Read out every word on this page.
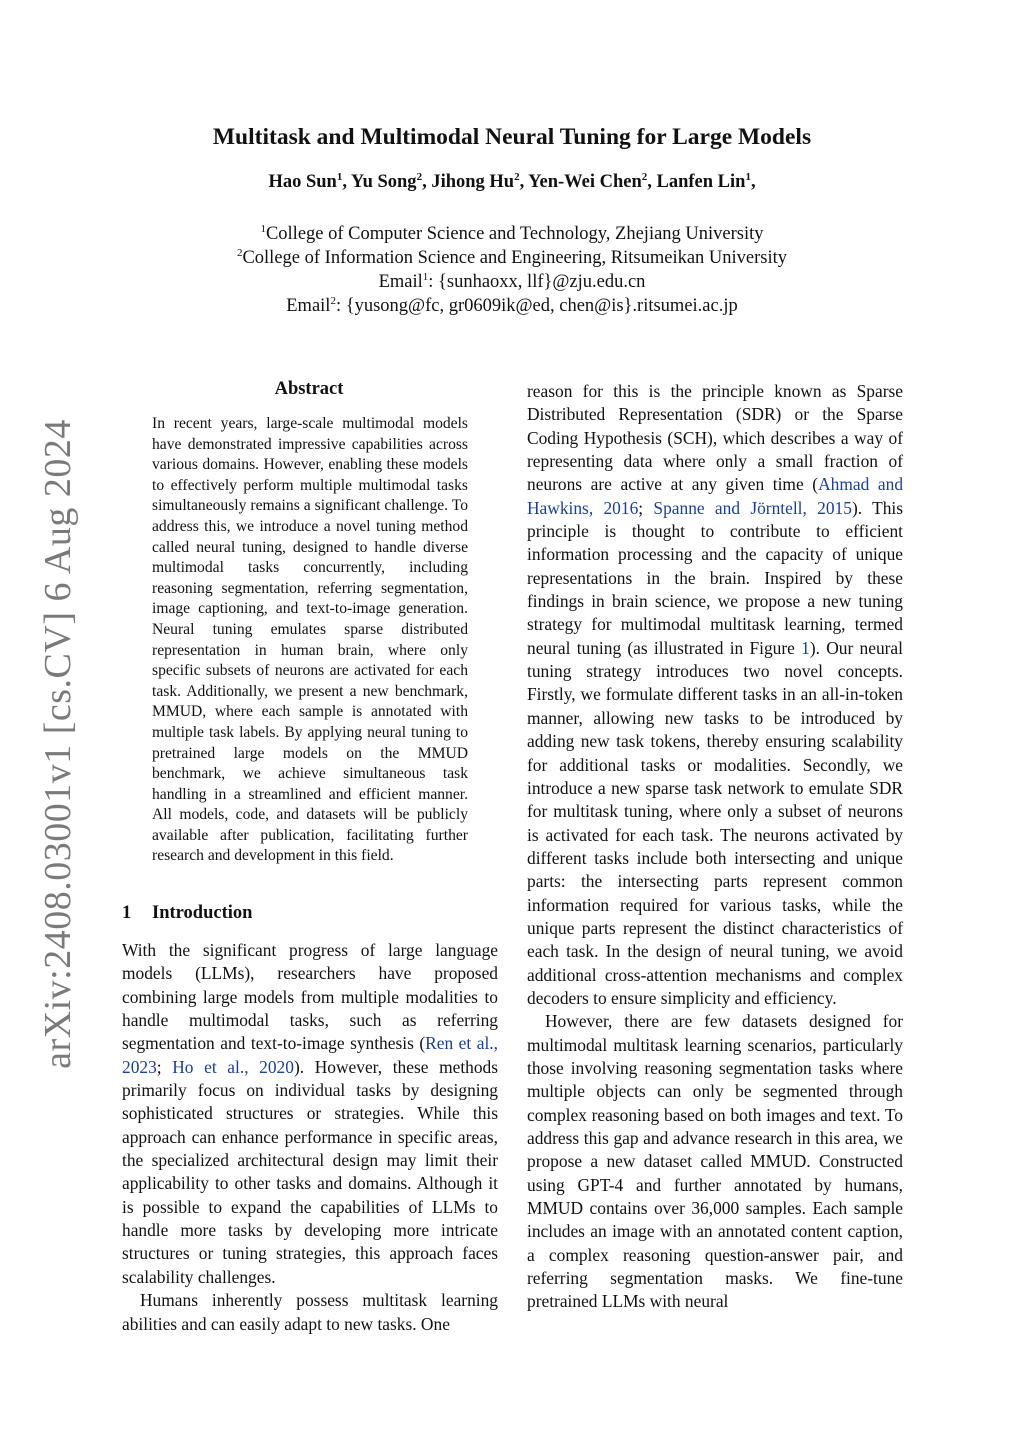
arXiv:2408.03001v1 [cs.CV] 6 Aug 2024
Multitask and Multimodal Neural Tuning for Large Models
Hao Sun$^1$, Yu Song$^2$, Jihong Hu$^2$, Yen-Wei Chen$^2$, Lanfen Lin$^1$,
$^1$College of Computer Science and Technology, Zhejiang University
$^2$College of Information Science and Engineering, Ritsumeikan University
Email$^1$: {sunhaoxx, llf}@zju.edu.cn
Email$^2$: {yusong@fc, gr0609ik@ed, chen@is}.ritsumei.ac.jp
Abstract
In recent years, large-scale multimodal models have demonstrated impressive capabilities across various domains. However, enabling these models to effectively perform multiple multimodal tasks simultaneously remains a significant challenge. To address this, we introduce a novel tuning method called neural tuning, designed to handle diverse multimodal tasks concurrently, including reasoning segmentation, referring segmentation, image captioning, and text-to-image generation. Neural tuning emulates sparse distributed representation in human brain, where only specific subsets of neurons are activated for each task. Additionally, we present a new benchmark, MMUD, where each sample is annotated with multiple task labels. By applying neural tuning to pretrained large models on the MMUD benchmark, we achieve simultaneous task handling in a streamlined and efficient manner. All models, code, and datasets will be publicly available after publication, facilitating further research and development in this field.
1 Introduction

With the significant progress of large language models (LLMs), researchers have proposed combining large models from multiple modalities to handle multimodal tasks, such as referring segmentation and text-to-image synthesis (Ren et al., 2023; Ho et al., 2020). However, these methods primarily focus on individual tasks by designing sophisticated structures or strategies. While this approach can enhance performance in specific areas, the specialized architectural design may limit their applicability to other tasks and domains. Although it is possible to expand the capabilities of LLMs to handle more tasks by developing more intricate structures or tuning strategies, this approach faces scalability challenges.

Humans inherently possess multitask learning abilities and can easily adapt to new tasks. One

reason for this is the principle known as Sparse Distributed Representation (SDR) or the Sparse Coding Hypothesis (SCH), which describes a way of representing data where only a small fraction of neurons are active at any given time (Ahmad and Hawkins, 2016; Spanne and Jörntell, 2015). This principle is thought to contribute to efficient information processing and the capacity of unique representations in the brain. Inspired by these findings in brain science, we propose a new tuning strategy for multimodal multitask learning, termed neural tuning (as illustrated in Figure 1). Our neural tuning strategy introduces two novel concepts. Firstly, we formulate different tasks in an all-in-token manner, allowing new tasks to be introduced by adding new task tokens, thereby ensuring scalability for additional tasks or modalities. Secondly, we introduce a new sparse task network to emulate SDR for multitask tuning, where only a subset of neurons is activated for each task. The neurons activated by different tasks include both intersecting and unique parts: the intersecting parts represent common information required for various tasks, while the unique parts represent the distinct characteristics of each task. In the design of neural tuning, we avoid additional cross-attention mechanisms and complex decoders to ensure simplicity and efficiency.

However, there are few datasets designed for multimodal multitask learning scenarios, particularly those involving reasoning segmentation tasks where multiple objects can only be segmented through complex reasoning based on both images and text. To address this gap and advance research in this area, we propose a new dataset called MMUD. Constructed using GPT-4 and further annotated by humans, MMUD contains over 36,000 samples. Each sample includes an image with an annotated content caption, a complex reasoning question-answer pair, and referring segmentation masks. We fine-tune pretrained LLMs with neural
